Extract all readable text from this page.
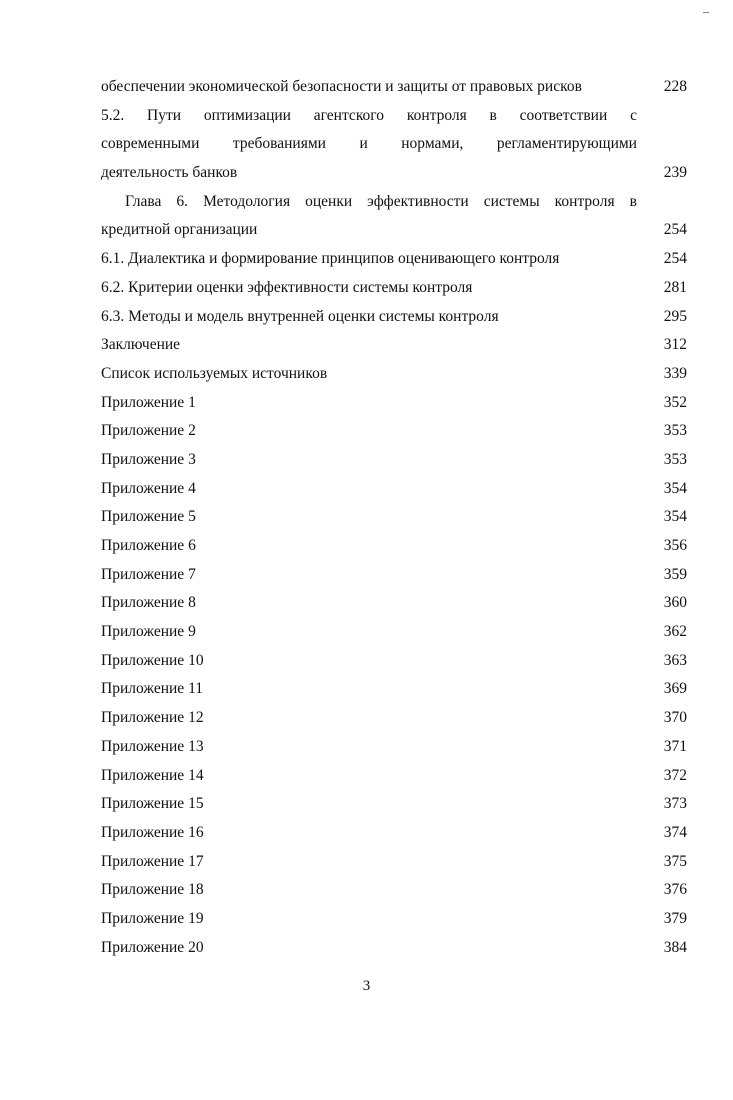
обеспечении экономической безопасности и защиты от правовых рисков	228
5.2. Пути оптимизации агентского контроля в соответствии с
современными требованиями и нормами, регламентирующими
деятельность банков	239
Глава 6. Методология оценки эффективности системы контроля в
кредитной организации	254
6.1. Диалектика и формирование принципов оценивающего контроля	254
6.2. Критерии оценки эффективности системы контроля	281
6.3. Методы и модель внутренней оценки системы контроля	295
Заключение	312
Список используемых источников	339
Приложение 1	352
Приложение 2	353
Приложение 3	353
Приложение 4	354
Приложение 5	354
Приложение 6	356
Приложение 7	359
Приложение 8	360
Приложение 9	362
Приложение 10	363
Приложение 11	369
Приложение 12	370
Приложение 13	371
Приложение 14	372
Приложение 15	373
Приложение 16	374
Приложение 17	375
Приложение 18	376
Приложение 19	379
Приложение 20	384
3
